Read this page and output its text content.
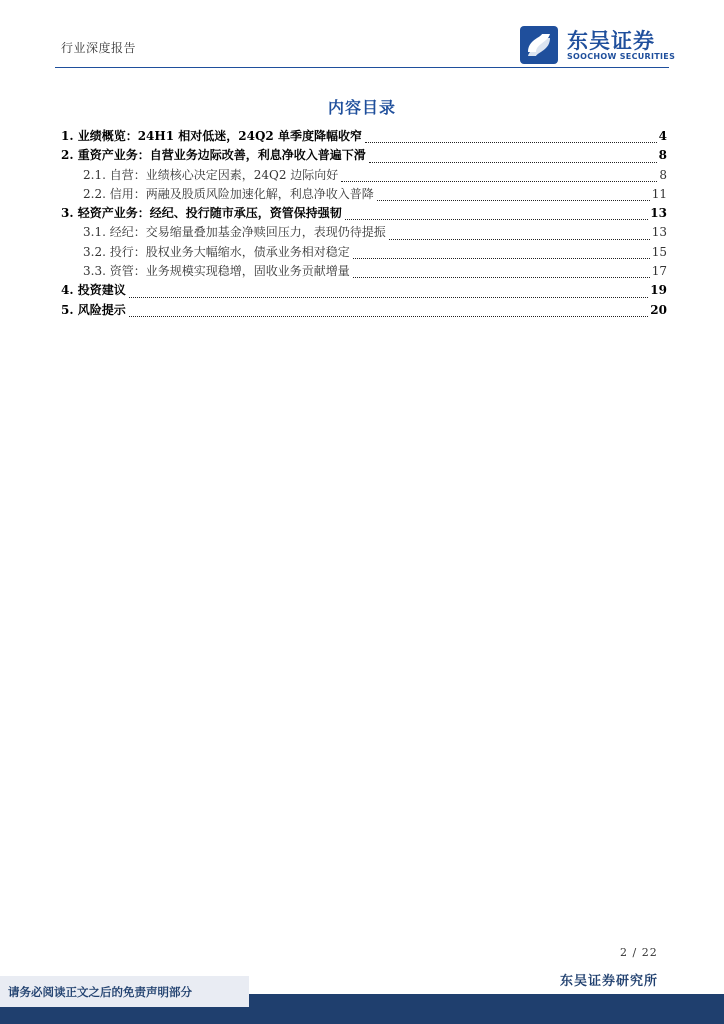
行业深度报告	东吴证券
SOOCHOW SECURITIES
内容目录
1. 业绩概览：24H1 相对低迷，24Q2 单季度降幅收窄	4
2. 重资产业务：自营业务边际改善，利息净收入普遍下滑	8
2.1. 自营：业绩核心决定因素，24Q2 边际向好	8
2.2. 信用：两融及股质风险加速化解，利息净收入普降	11
3. 轻资产业务：经纪、投行随市承压，资管保持强韧	13
3.1. 经纪：交易缩量叠加基金净赎回压力，表现仍待提振	13
3.2. 投行：股权业务大幅缩水，债承业务相对稳定	15
3.3. 资管：业务规模实现稳增，固收业务贡献增量	17
4. 投资建议	19
5. 风险提示	20
2 / 22
东吴证券研究所
请务必阅读正文之后的免责声明部分
